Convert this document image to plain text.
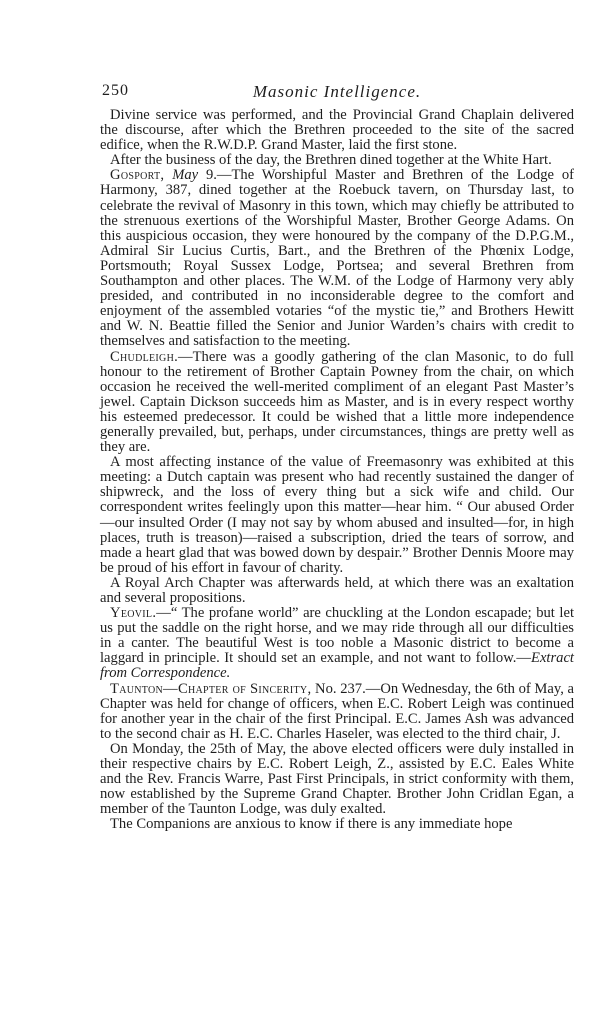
250	Masonic Intelligence.

Divine service was performed, and the Provincial Grand Chaplain delivered the discourse, after which the Brethren proceeded to the site of the sacred edifice, when the R.W.D.P. Grand Master, laid the first stone.

After the business of the day, the Brethren dined together at the White Hart.

Gosport, May 9.—The Worshipful Master and Brethren of the Lodge of Harmony, 387, dined together at the Roebuck tavern, on Thursday last, to celebrate the revival of Masonry in this town, which may chiefly be attributed to the strenuous exertions of the Worshipful Master, Brother George Adams. On this auspicious occasion, they were honoured by the company of the D.P.G.M., Admiral Sir Lucius Curtis, Bart., and the Brethren of the Phœnix Lodge, Portsmouth; Royal Sussex Lodge, Portsea; and several Brethren from Southampton and other places. The W.M. of the Lodge of Harmony very ably presided, and contributed in no inconsiderable degree to the comfort and enjoyment of the assembled votaries “of the mystic tie,” and Brothers Hewitt and W. N. Beattie filled the Senior and Junior Warden’s chairs with credit to themselves and satisfaction to the meeting.

Chudleigh.—There was a goodly gathering of the clan Masonic, to do full honour to the retirement of Brother Captain Powney from the chair, on which occasion he received the well-merited compliment of an elegant Past Master’s jewel. Captain Dickson succeeds him as Master, and is in every respect worthy his esteemed predecessor. It could be wished that a little more independence generally prevailed, but, perhaps, under circumstances, things are pretty well as they are.

A most affecting instance of the value of Freemasonry was exhibited at this meeting: a Dutch captain was present who had recently sustained the danger of shipwreck, and the loss of every thing but a sick wife and child. Our correspondent writes feelingly upon this matter—hear him. “ Our abused Order—our insulted Order (I may not say by whom abused and insulted—for, in high places, truth is treason)—raised a subscription, dried the tears of sorrow, and made a heart glad that was bowed down by despair.” Brother Dennis Moore may be proud of his effort in favour of charity.

A Royal Arch Chapter was afterwards held, at which there was an exaltation and several propositions.

Yeovil.—“ The profane world” are chuckling at the London escapade; but let us put the saddle on the right horse, and we may ride through all our difficulties in a canter. The beautiful West is too noble a Masonic district to become a laggard in principle. It should set an example, and not want to follow.—Extract from Correspondence.

Taunton—Chapter of Sincerity, No. 237.—On Wednesday, the 6th of May, a Chapter was held for change of officers, when E.C. Robert Leigh was continued for another year in the chair of the first Principal. E.C. James Ash was advanced to the second chair as H. E.C. Charles Haseler, was elected to the third chair, J.

On Monday, the 25th of May, the above elected officers were duly installed in their respective chairs by E.C. Robert Leigh, Z., assisted by E.C. Eales White and the Rev. Francis Warre, Past First Principals, in strict conformity with them, now established by the Supreme Grand Chapter. Brother John Cridlan Egan, a member of the Taunton Lodge, was duly exalted.

The Companions are anxious to know if there is any immediate hope
